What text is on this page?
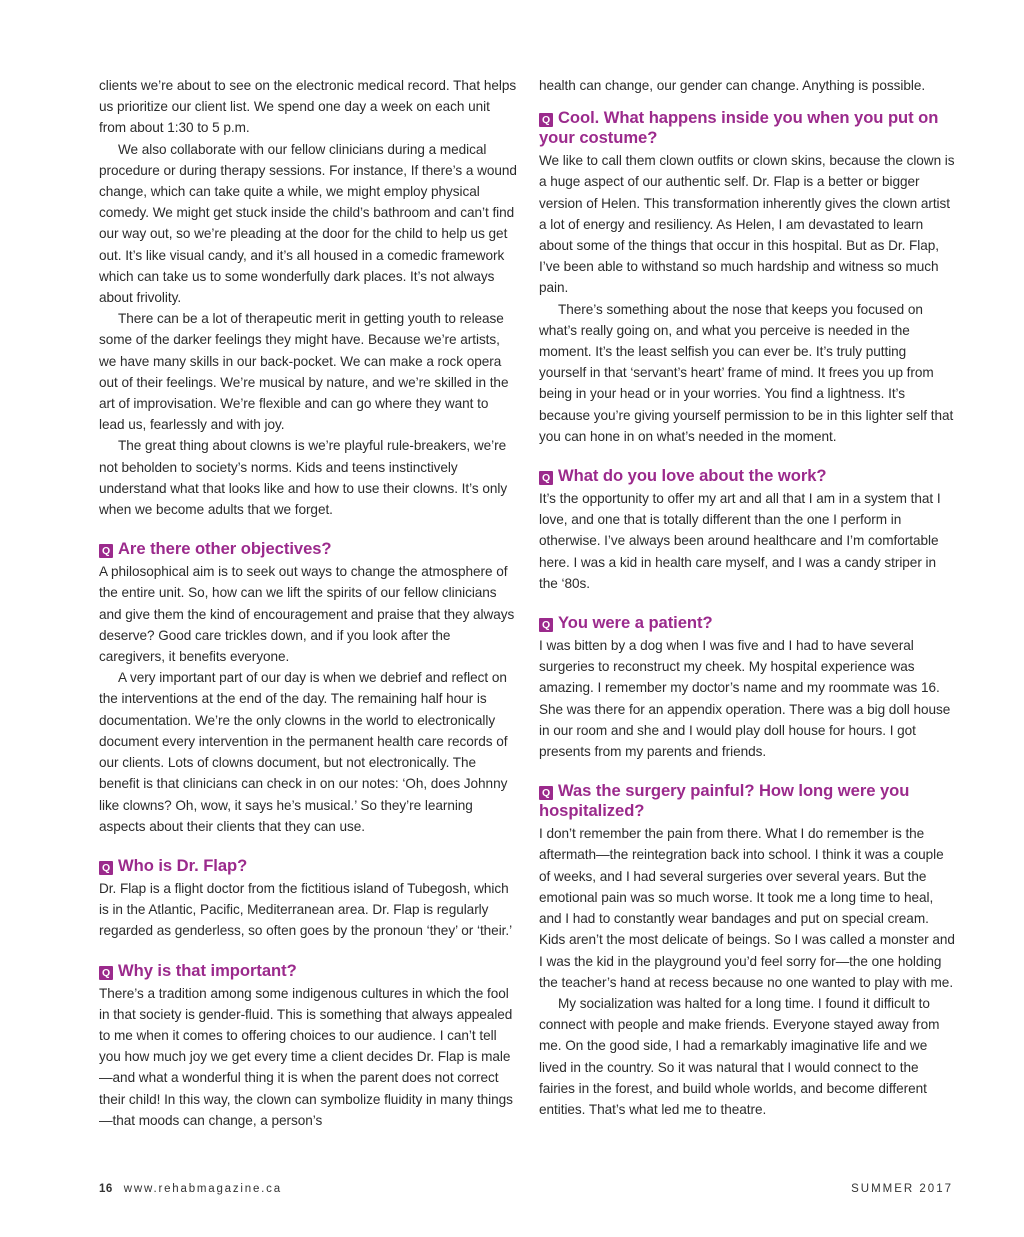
clients we’re about to see on the electronic medical record. That helps us prioritize our client list. We spend one day a week on each unit from about 1:30 to 5 p.m.

We also collaborate with our fellow clinicians during a medical procedure or during therapy sessions. For instance, If there’s a wound change, which can take quite a while, we might employ physical comedy. We might get stuck inside the child’s bathroom and can’t find our way out, so we’re pleading at the door for the child to help us get out. It’s like visual candy, and it’s all housed in a comedic framework which can take us to some wonderfully dark places. It’s not always about frivolity.

There can be a lot of therapeutic merit in getting youth to release some of the darker feelings they might have. Because we’re artists, we have many skills in our back-pocket. We can make a rock opera out of their feelings. We’re musical by nature, and we’re skilled in the art of improvisation. We’re flexible and can go where they want to lead us, fearlessly and with joy.

The great thing about clowns is we’re playful rule-breakers, we’re not beholden to society’s norms. Kids and teens instinctively understand what that looks like and how to use their clowns. It’s only when we become adults that we forget.

Q Are there other objectives?

A philosophical aim is to seek out ways to change the atmosphere of the entire unit. So, how can we lift the spirits of our fellow clinicians and give them the kind of encouragement and praise that they always deserve? Good care trickles down, and if you look after the caregivers, it benefits everyone.

A very important part of our day is when we debrief and reflect on the interventions at the end of the day. The remaining half hour is documentation. We’re the only clowns in the world to electronically document every intervention in the permanent health care records of our clients. Lots of clowns document, but not electronically. The benefit is that clinicians can check in on our notes: ‘Oh, does Johnny like clowns? Oh, wow, it says he’s musical.’ So they’re learning aspects about their clients that they can use.

Q Who is Dr. Flap?

Dr. Flap is a flight doctor from the fictitious island of Tubegosh, which is in the Atlantic, Pacific, Mediterranean area. Dr. Flap is regularly regarded as genderless, so often goes by the pronoun ‘they’ or ‘their.’

Q Why is that important?

There’s a tradition among some indigenous cultures in which the fool in that society is gender-fluid. This is something that always appealed to me when it comes to offering choices to our audience. I can’t tell you how much joy we get every time a client decides Dr. Flap is male—and what a wonderful thing it is when the parent does not correct their child! In this way, the clown can symbolize fluidity in many things—that moods can change, a person’s

health can change, our gender can change. Anything is possible.

Q Cool. What happens inside you when you put on your costume?

We like to call them clown outfits or clown skins, because the clown is a huge aspect of our authentic self. Dr. Flap is a better or bigger version of Helen. This transformation inherently gives the clown artist a lot of energy and resiliency. As Helen, I am devastated to learn about some of the things that occur in this hospital. But as Dr. Flap, I’ve been able to withstand so much hardship and witness so much pain.

There’s something about the nose that keeps you focused on what’s really going on, and what you perceive is needed in the moment. It’s the least selfish you can ever be. It’s truly putting yourself in that ‘servant’s heart’ frame of mind. It frees you up from being in your head or in your worries. You find a lightness. It’s because you’re giving yourself permission to be in this lighter self that you can hone in on what’s needed in the moment.

Q What do you love about the work?

It’s the opportunity to offer my art and all that I am in a system that I love, and one that is totally different than the one I perform in otherwise. I’ve always been around healthcare and I’m comfortable here. I was a kid in health care myself, and I was a candy striper in the ‘80s.

Q You were a patient?

I was bitten by a dog when I was five and I had to have several surgeries to reconstruct my cheek. My hospital experience was amazing. I remember my doctor’s name and my roommate was 16. She was there for an appendix operation. There was a big doll house in our room and she and I would play doll house for hours. I got presents from my parents and friends.

Q Was the surgery painful? How long were you hospitalized?

I don’t remember the pain from there. What I do remember is the aftermath—the reintegration back into school. I think it was a couple of weeks, and I had several surgeries over several years. But the emotional pain was so much worse. It took me a long time to heal, and I had to constantly wear bandages and put on special cream. Kids aren’t the most delicate of beings. So I was called a monster and I was the kid in the playground you’d feel sorry for—the one holding the teacher’s hand at recess because no one wanted to play with me.

My socialization was halted for a long time. I found it difficult to connect with people and make friends. Everyone stayed away from me. On the good side, I had a remarkably imaginative life and we lived in the country. So it was natural that I would connect to the fairies in the forest, and build whole worlds, and become different entities. That’s what led me to theatre.

16 www.rehabmagazine.ca	SUMMER 2017
